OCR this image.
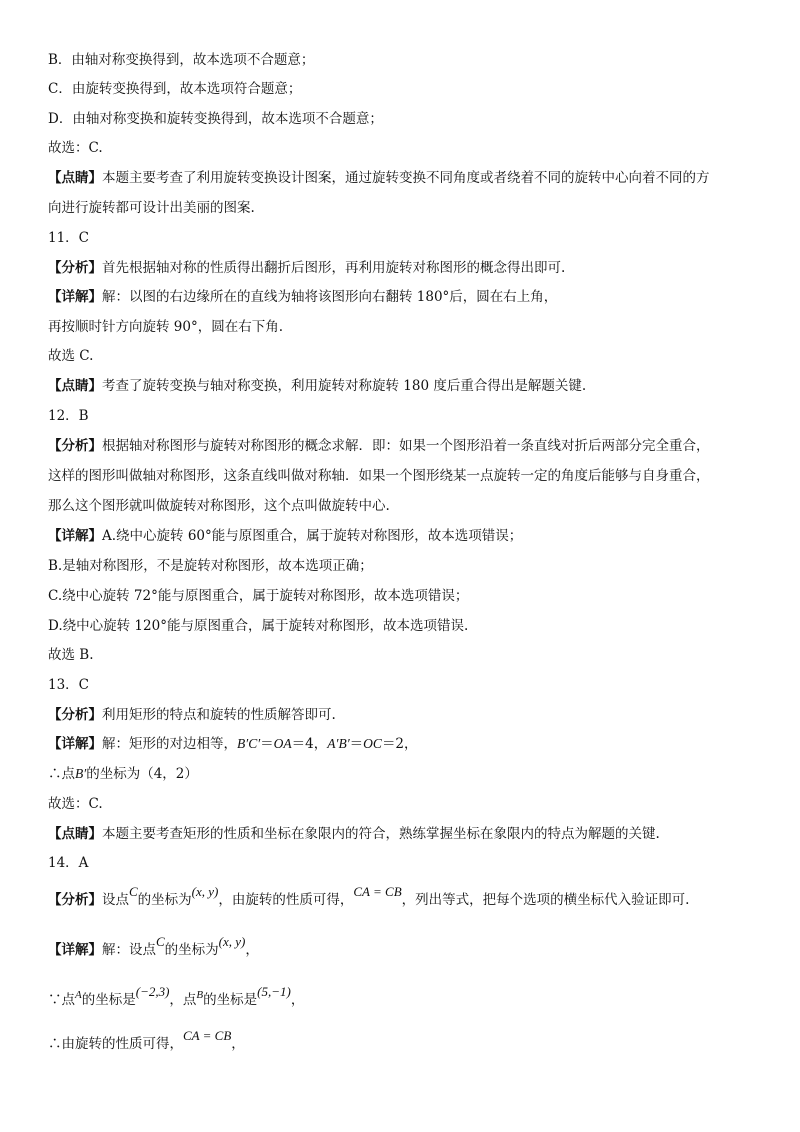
B．由轴对称变换得到，故本选项不合题意；
C．由旋转变换得到，故本选项符合题意；
D．由轴对称变换和旋转变换得到，故本选项不合题意；
故选：C.
【点睛】本题主要考查了利用旋转变换设计图案，通过旋转变换不同角度或者绕着不同的旋转中心向着不同的方
向进行旋转都可设计出美丽的图案.
11．C
【分析】首先根据轴对称的性质得出翻折后图形，再利用旋转对称图形的概念得出即可.
【详解】解：以图的右边缘所在的直线为轴将该图形向右翻转 180°后，圆在右上角，
再按顺时针方向旋转 90°，圆在右下角.
故选 C.
【点睛】考查了旋转变换与轴对称变换，利用旋转对称旋转 180 度后重合得出是解题关键.
12．B
【分析】根据轴对称图形与旋转对称图形的概念求解．即：如果一个图形沿着一条直线对折后两部分完全重合，
这样的图形叫做轴对称图形，这条直线叫做对称轴．如果一个图形绕某一点旋转一定的角度后能够与自身重合，
那么这个图形就叫做旋转对称图形，这个点叫做旋转中心.
【详解】A.绕中心旋转 60°能与原图重合，属于旋转对称图形，故本选项错误；
B.是轴对称图形，不是旋转对称图形，故本选项正确；
C.绕中心旋转 72°能与原图重合，属于旋转对称图形，故本选项错误；
D.绕中心旋转 120°能与原图重合，属于旋转对称图形，故本选项错误.
故选 B.
13．C
【分析】利用矩形的特点和旋转的性质解答即可.
【详解】解：矩形的对边相等，B′C′＝OA＝4，A′B′＝OC＝2，
∴点B′的坐标为（4，2）
故选：C.
【点睛】本题主要考查矩形的性质和坐标在象限内的符合，熟练掌握坐标在象限内的特点为解题的关键.
14．A
【分析】设点C的坐标为(x, y)，由旋转的性质可得，CA = CB，列出等式，把每个选项的横坐标代入验证即可.
【详解】解：设点C的坐标为(x, y)，
∵点$^A$的坐标是(−2,3)，点$^B$的坐标是(5,−1)，
∴由旋转的性质可得，CA = CB，
